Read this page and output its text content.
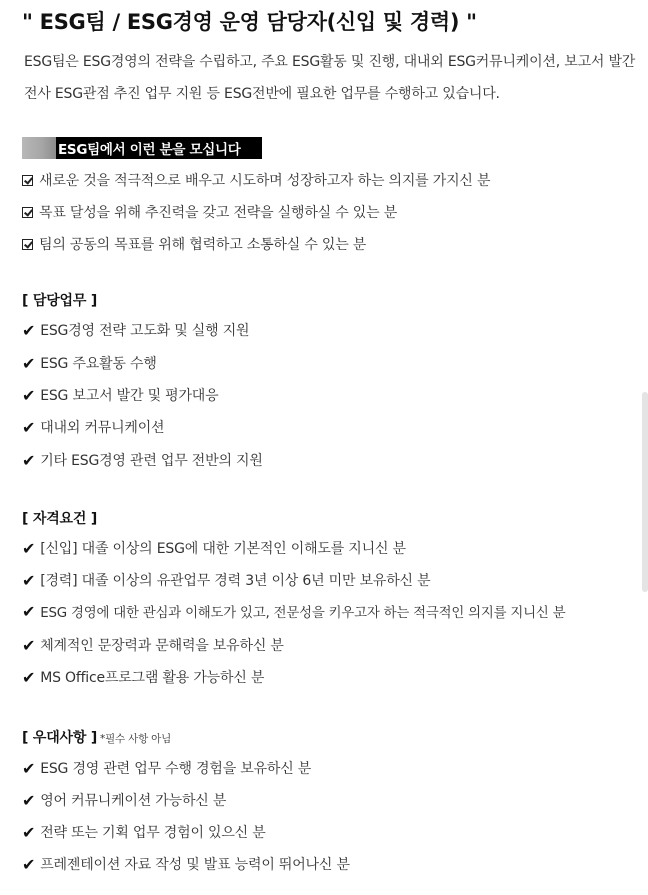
" ESG팀 / ESG경영 운영 담당자(신입 및 경력) "
ESG팀은 ESG경영의 전략을 수립하고, 주요 ESG활동 및 진행, 대내외 ESG커뮤니케이션, 보고서 발간
전사 ESG관점 추진 업무 지원 등 ESG전반에 필요한 업무를 수행하고 있습니다.
ESG팀에서 이런 분을 모십니다
새로운 것을 적극적으로 배우고 시도하며 성장하고자 하는 의지를 가지신 분
목표 달성을 위해 추진력을 갖고 전략을 실행하실 수 있는 분
팀의 공동의 목표를 위해 협력하고 소통하실 수 있는 분
[ 담당업무 ]
✔ ESG경영 전략 고도화 및 실행 지원
✔ ESG 주요활동 수행
✔ ESG 보고서 발간 및 평가대응
✔ 대내외 커뮤니케이션
✔ 기타 ESG경영 관련 업무 전반의 지원
[ 자격요건 ]
✔ [신입] 대졸 이상의 ESG에 대한 기본적인 이해도를 지니신 분
✔ [경력] 대졸 이상의 유관업무 경력 3년 이상 6년 미만 보유하신 분
✔ ESG 경영에 대한 관심과 이해도가 있고, 전문성을 키우고자 하는 적극적인 의지를 지니신 분
✔ 체계적인 문장력과 문해력을 보유하신 분
✔ MS Office프로그램 활용 가능하신 분
[ 우대사항 ] *필수 사항 아님
✔ ESG 경영 관련 업무 수행 경험을 보유하신 분
✔ 영어 커뮤니케이션 가능하신 분
✔ 전략 또는 기획 업무 경험이 있으신 분
✔ 프레젠테이션 자료 작성 및 발표 능력이 뛰어나신 분
